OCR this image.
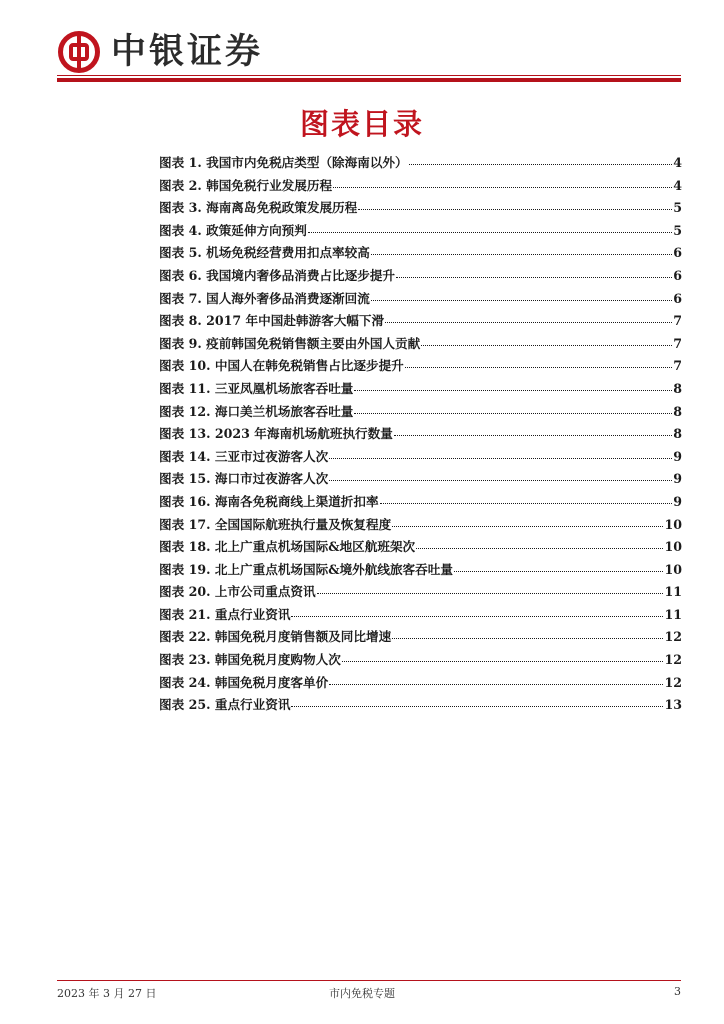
中银证券
图表目录
图表 1. 我国市内免税店类型（除海南以外）	4
图表 2. 韩国免税行业发展历程	4
图表 3. 海南离岛免税政策发展历程	5
图表 4. 政策延伸方向预判	5
图表 5. 机场免税经营费用扣点率较高	6
图表 6. 我国境内奢侈品消费占比逐步提升	6
图表 7. 国人海外奢侈品消费逐渐回流	6
图表 8. 2017 年中国赴韩游客大幅下滑	7
图表 9. 疫前韩国免税销售额主要由外国人贡献	7
图表 10. 中国人在韩免税销售占比逐步提升	7
图表 11. 三亚凤凰机场旅客吞吐量	8
图表 12. 海口美兰机场旅客吞吐量	8
图表 13. 2023 年海南机场航班执行数量	8
图表 14. 三亚市过夜游客人次	9
图表 15. 海口市过夜游客人次	9
图表 16. 海南各免税商线上渠道折扣率	9
图表 17. 全国国际航班执行量及恢复程度	10
图表 18. 北上广重点机场国际&地区航班架次	10
图表 19. 北上广重点机场国际&境外航线旅客吞吐量	10
图表 20. 上市公司重点资讯	11
图表 21. 重点行业资讯	11
图表 22. 韩国免税月度销售额及同比增速	12
图表 23. 韩国免税月度购物人次	12
图表 24. 韩国免税月度客单价	12
图表 25. 重点行业资讯	13
2023 年 3 月 27 日	市内免税专题	3
